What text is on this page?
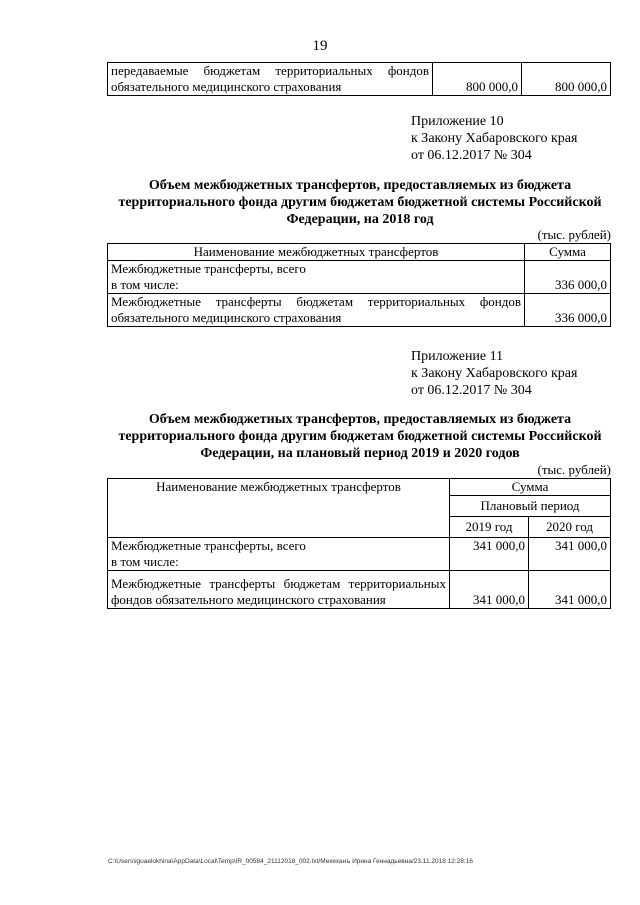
19
передаваемые бюджетам территориальных фондов обязательного медицинского страхования	800 000,0	800 000,0
Приложение 10
к Закону Хабаровского края
от 06.12.2017 № 304
Объем межбюджетных трансфертов, предоставляемых из бюджета территориального фонда другим бюджетам бюджетной системы Российской Федерации, на 2018 год
(тыс. рублей)
Наименование межбюджетных трансфертов	Сумма

Межбюджетные трансферты, всего
в том числе:	336 000,0
Межбюджетные трансферты бюджетам территориальных фондов обязательного медицинского страхования	336 000,0
Приложение 11
к Закону Хабаровского края
от 06.12.2017 № 304
Объем межбюджетных трансфертов, предоставляемых из бюджета территориального фонда другим бюджетам бюджетной системы Российской Федерации, на плановый период 2019 и 2020 годов
(тыс. рублей)
Наименование межбюджетных трансфертов	Сумма	
	Плановый период	
	2019 год	2020 год

Межбюджетные трансферты, всего
в том числе:	341 000,0	341 000,0
Межбюджетные трансферты бюджетам территориальных фондов обязательного медицинского страхования	341 000,0	341 000,0
C:\Users\iguaelokhina\AppData\Local\Temp\IR_00584_21112018_002.txt/Мехеханъ Ирина Геннадьевна/23.11.2018 12:28:16
